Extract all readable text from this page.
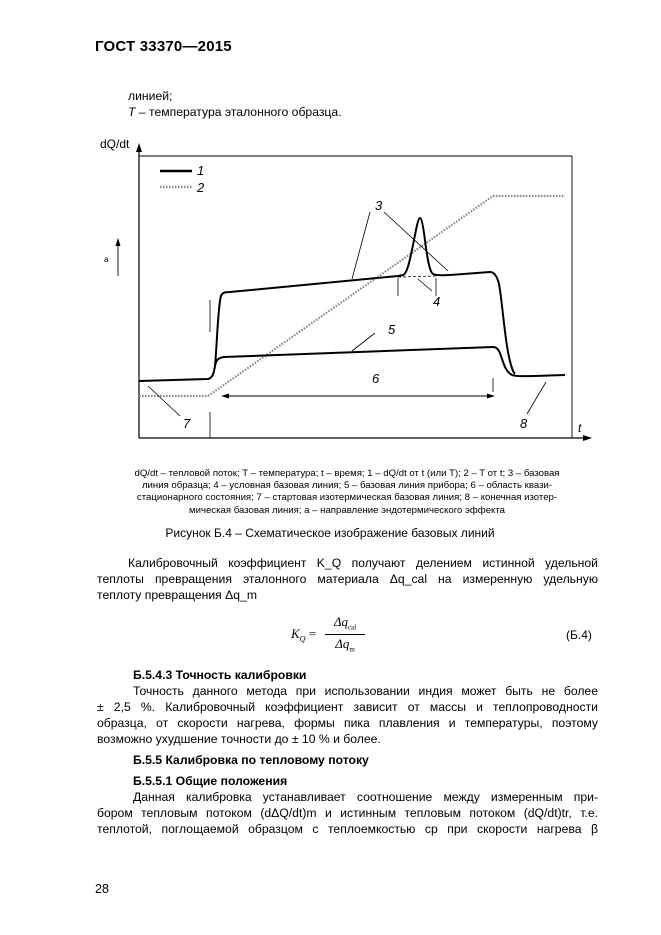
ГОСТ 33370—2015
линией;
T – температура эталонного образца.
dQ/dt
t
a
1
2
3
4
5
6
7	8
dQ/dt – тепловой поток; T – температура; t – время; 1 – dQ/dt от t (или T); 2 – T от t; 3 – базовая
линия образца; 4 – условная базовая линия; 5 – базовая линия прибора; 6 – область квази-
стационарного состояния; 7 – стартовая изотермическая базовая линия; 8 – конечная изотер-
мическая базовая линия; a – направление эндотермического эффекта
Рисунок Б.4 – Схематическое изображение базовых линий
Калибровочный коэффициент K_Q получают делением истинной удельной
теплоты превращения эталонного материала Δq_cal на измеренную удельную
теплоту превращения Δq_m
$K_Q$ =
$\Delta q_{cal}$
$\Delta q_m$
(Б.4)
Б.5.4.3 Точность калибровки
Точность данного метода при использовании индия может быть не более
± 2,5 %. Калибровочный коэффициент зависит от массы и теплопроводности
образца, от скорости нагрева, формы пика плавления и температуры, поэтому
возможно ухудшение точности до ± 10 % и более.
Б.5.5 Калибровка по тепловому потоку
Б.5.5.1 Общие положения
Данная калибровка устанавливает соотношение между измеренным при-
бором тепловым потоком (dΔQ/dt)m и истинным тепловым потоком (dQ/dt)tr, т.е.
теплотой, поглощаемой образцом с теплоемкостью cp при скорости нагрева β
28
